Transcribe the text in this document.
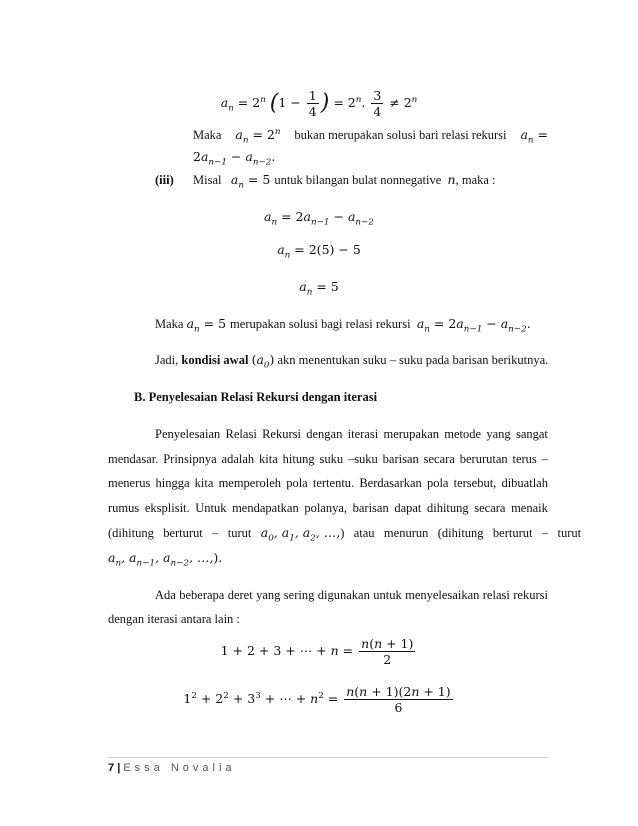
$a_n = 2^n$ ($1 - \frac{1}{4}$ ) = $2^n$. $\frac{3}{4} \ne 2^n$
Maka $a_n = 2^n$ bukan merupakan solusi bari relasi rekursi $a_n$ =
$2a_{n-1} - a_{n-2}$.
(iii) Misal $a_n = 5$ untuk bilangan bulat nonnegative n, maka :
$a_n = 2a_{n-1} - a_{n-2}$
$a_n = 2(5) - 5$
$a_n = 5$
Maka $a_n = 5$ merupakan solusi bagi relasi rekursi $a_n = 2a_{n-1} - a_{n-2}$.
Jadi, kondisi awal $(a_0)$ akn menentukan suku – suku pada barisan berikutnya.
B. Penyelesaian Relasi Rekursi dengan iterasi
Penyelesaian Relasi Rekursi dengan iterasi merupakan metode yang sangat
mendasar. Prinsipnya adalah kita hitung suku –suku barisan secara berurutan terus –
menerus hingga kita memperoleh pola tertentu. Berdasarkan pola tersebut, dibuatlah
rumus eksplisit. Untuk mendapatkan polanya, barisan dapat dihitung secara menaik
(dihitung   berturut   –   turut $a_0$, $a_1$, $a_2$, …,)   atau   menurun   (dihitung   berturut   –   turut
$a_n$, $a_{n-1}$, $a_{n-2}$, …,).
Ada beberapa deret yang sering digunakan untuk menyelesaikan relasi rekursi
dengan iterasi antara lain :
1 + 2 + 3 + ⋯ + $n = \frac{n(n + 1)}{2}$
$1^2 + 2^2 + 3^3$ + ⋯ + $n^2 = \frac{n(n + 1)(2n + 1)}{6}$
7 | Essa Novalia
